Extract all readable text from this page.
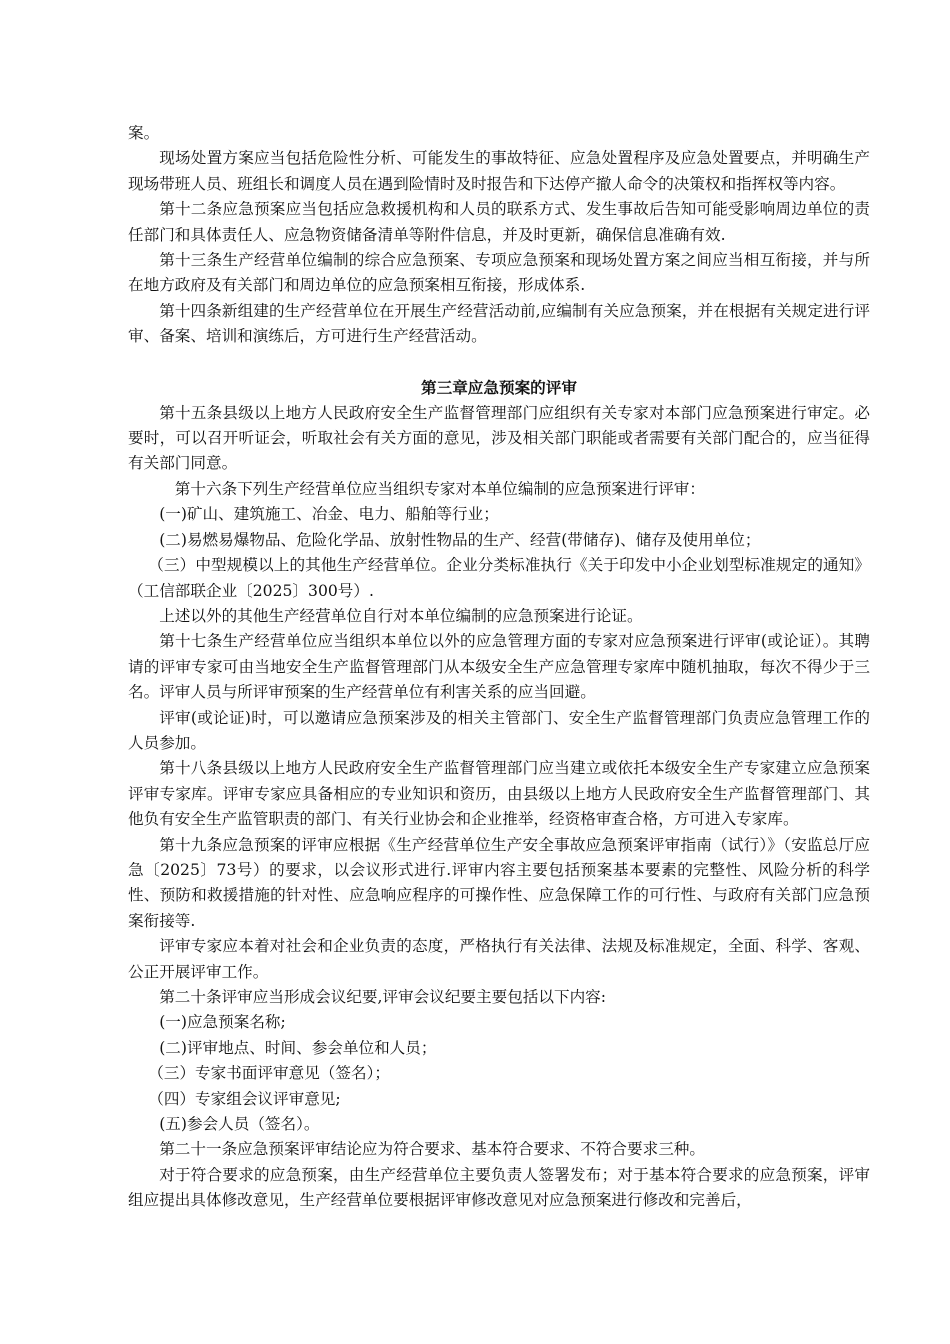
案。

现场处置方案应当包括危险性分析、可能发生的事故特征、应急处置程序及应急处置要点，并明确生产现场带班人员、班组长和调度人员在遇到险情时及时报告和下达停产撤人命令的决策权和指挥权等内容。

第十二条应急预案应当包括应急救援机构和人员的联系方式、发生事故后告知可能受影响周边单位的责任部门和具体责任人、应急物资储备清单等附件信息，并及时更新，确保信息准确有效.

第十三条生产经营单位编制的综合应急预案、专项应急预案和现场处置方案之间应当相互衔接，并与所在地方政府及有关部门和周边单位的应急预案相互衔接，形成体系.

第十四条新组建的生产经营单位在开展生产经营活动前,应编制有关应急预案，并在根据有关规定进行评审、备案、培训和演练后，方可进行生产经营活动。

第三章应急预案的评审

第十五条县级以上地方人民政府安全生产监督管理部门应组织有关专家对本部门应急预案进行审定。必要时，可以召开听证会，听取社会有关方面的意见，涉及相关部门职能或者需要有关部门配合的，应当征得有关部门同意。

第十六条下列生产经营单位应当组织专家对本单位编制的应急预案进行评审：

(一)矿山、建筑施工、冶金、电力、船舶等行业；

(二)易燃易爆物品、危险化学品、放射性物品的生产、经营(带储存)、储存及使用单位；

（三）中型规模以上的其他生产经营单位。企业分类标准执行《关于印发中小企业划型标准规定的通知》（工信部联企业〔2025〕300号）.

上述以外的其他生产经营单位自行对本单位编制的应急预案进行论证。

第十七条生产经营单位应当组织本单位以外的应急管理方面的专家对应急预案进行评审(或论证）。其聘请的评审专家可由当地安全生产监督管理部门从本级安全生产应急管理专家库中随机抽取，每次不得少于三名。评审人员与所评审预案的生产经营单位有利害关系的应当回避。

评审(或论证)时，可以邀请应急预案涉及的相关主管部门、安全生产监督管理部门负责应急管理工作的人员参加。

第十八条县级以上地方人民政府安全生产监督管理部门应当建立或依托本级安全生产专家建立应急预案评审专家库。评审专家应具备相应的专业知识和资历，由县级以上地方人民政府安全生产监督管理部门、其他负有安全生产监管职责的部门、有关行业协会和企业推举，经资格审查合格，方可进入专家库。

第十九条应急预案的评审应根据《生产经营单位生产安全事故应急预案评审指南（试行）》（安监总厅应急〔2025〕73号）的要求，以会议形式进行.评审内容主要包括预案基本要素的完整性、风险分析的科学性、预防和救援措施的针对性、应急响应程序的可操作性、应急保障工作的可行性、与政府有关部门应急预案衔接等.

评审专家应本着对社会和企业负责的态度，严格执行有关法律、法规及标准规定，全面、科学、客观、公正开展评审工作。

第二十条评审应当形成会议纪要,评审会议纪要主要包括以下内容:

(一)应急预案名称;

(二)评审地点、时间、参会单位和人员；

（三）专家书面评审意见（签名）；

（四）专家组会议评审意见;

(五)参会人员（签名）。

第二十一条应急预案评审结论应为符合要求、基本符合要求、不符合要求三种。

对于符合要求的应急预案，由生产经营单位主要负责人签署发布；对于基本符合要求的应急预案，评审组应提出具体修改意见，生产经营单位要根据评审修改意见对应急预案进行修改和完善后，
